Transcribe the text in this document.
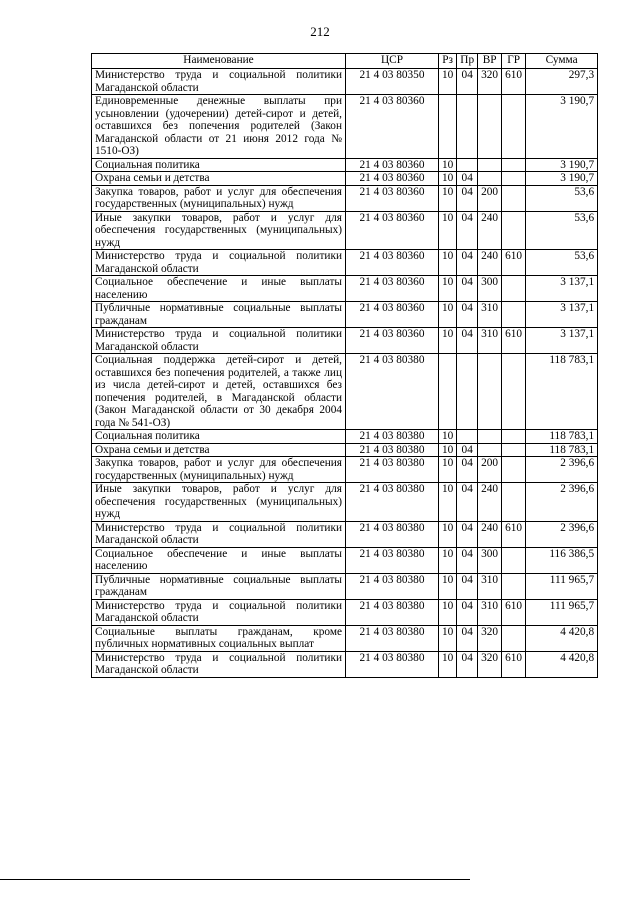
212
Наименование	ЦСР	Рз	Пр	ВР	ГР	Сумма
Министерство труда и социальной политики Магаданской области	21 4 03 80350	10	04	320	610	297,3
Единовременные денежные выплаты при усыновлении (удочерении) детей-сирот и детей, оставшихся без попечения родителей (Закон Магаданской области от 21 июня 2012 года № 1510-ОЗ)	21 4 03 80360					3 190,7
Социальная политика	21 4 03 80360	10				3 190,7
Охрана семьи и детства	21 4 03 80360	10	04			3 190,7
Закупка товаров, работ и услуг для обеспечения государственных (муниципальных) нужд	21 4 03 80360	10	04	200		53,6
Иные закупки товаров, работ и услуг для обеспечения государственных (муниципальных) нужд	21 4 03 80360	10	04	240		53,6
Министерство труда и социальной политики Магаданской области	21 4 03 80360	10	04	240	610	53,6
Социальное обеспечение и иные выплаты населению	21 4 03 80360	10	04	300		3 137,1
Публичные нормативные социальные выплаты гражданам	21 4 03 80360	10	04	310		3 137,1
Министерство труда и социальной политики Магаданской области	21 4 03 80360	10	04	310	610	3 137,1
Социальная поддержка детей-сирот и детей, оставшихся без попечения родителей, а также лиц из числа детей-сирот и детей, оставшихся без попечения родителей, в Магаданской области (Закон Магаданской области от 30 декабря 2004 года № 541-ОЗ)	21 4 03 80380					118 783,1
Социальная политика	21 4 03 80380	10				118 783,1
Охрана семьи и детства	21 4 03 80380	10	04			118 783,1
Закупка товаров, работ и услуг для обеспечения государственных (муниципальных) нужд	21 4 03 80380	10	04	200		2 396,6
Иные закупки товаров, работ и услуг для обеспечения государственных (муниципальных) нужд	21 4 03 80380	10	04	240		2 396,6
Министерство труда и социальной политики Магаданской области	21 4 03 80380	10	04	240	610	2 396,6
Социальное обеспечение и иные выплаты населению	21 4 03 80380	10	04	300		116 386,5
Публичные нормативные социальные выплаты гражданам	21 4 03 80380	10	04	310		111 965,7
Министерство труда и социальной политики Магаданской области	21 4 03 80380	10	04	310	610	111 965,7
Социальные выплаты гражданам, кроме публичных нормативных социальных выплат	21 4 03 80380	10	04	320		4 420,8
Министерство труда и социальной политики Магаданской области	21 4 03 80380	10	04	320	610	4 420,8
